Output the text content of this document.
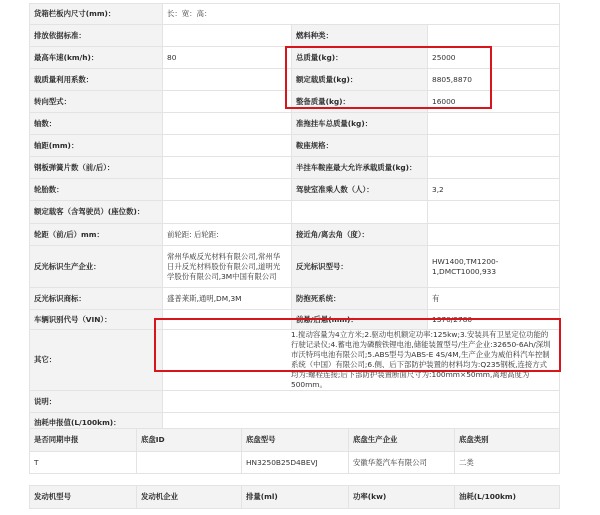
货箱栏板内尺寸(mm)：	长：宽：高：		
排放依据标准：		燃料种类：	
最高车速(km/h)：	80	总质量(kg)：	25000
载质量利用系数：		额定载质量(kg)：	8805,8870
转向型式：		整备质量(kg)：	16000
轴数：		准拖挂车总质量(kg)：	
轴距(mm)：		鞍座规格：	
钢板弹簧片数（前/后）：		半挂车鞍座最大允许承载质量(kg)：	
轮胎数：		驾驶室准乘人数（人）：	3,2
额定载客（含驾驶员）(座位数)：			
轮距（前/后）mm：	前轮距: 后轮距:	接近角/离去角（度）：	
反光标识生产企业：	常州华威反光材料有限公司,常州华日升反光材料股份有限公司,道明光学股份有限公司,3M中国有限公司	反光标识型号：	HW1400,TM1200-1,DMCT1000,933
反光标识商标：	盛普莱斯,通明,DM,3M	防抱死系统：	有
车辆识别代号（VIN）：		前悬/后悬(mm)：	1370/2780
其它：	1.搅动容量为4立方米;2.驱动电机额定功率:125kw;3.安装具有卫星定位功能的行驶记录仪;4.蓄电池为磷酸铁锂电池,储能装置型号/生产企业:32650-6Ah/深圳市沃特玛电池有限公司;5.ABS型号为ABS-E 4S/4M,生产企业为威伯科汽车控制系统（中国）有限公司;6.侧、后下部防护装置的材料均为:Q235钢板,连接方式均为:螺栓连接;后下部防护装置断面尺寸为:100mm×50mm,离地高度为500mm。		
说明：			
油耗申报值(L/100km)：			
是否同期申报	底盘ID	底盘型号	底盘生产企业	底盘类别
T		HN3250B25D4BEVJ	安徽华菱汽车有限公司	二类
发动机型号	发动机企业	排量(ml)	功率(kw)	油耗(L/100km)
